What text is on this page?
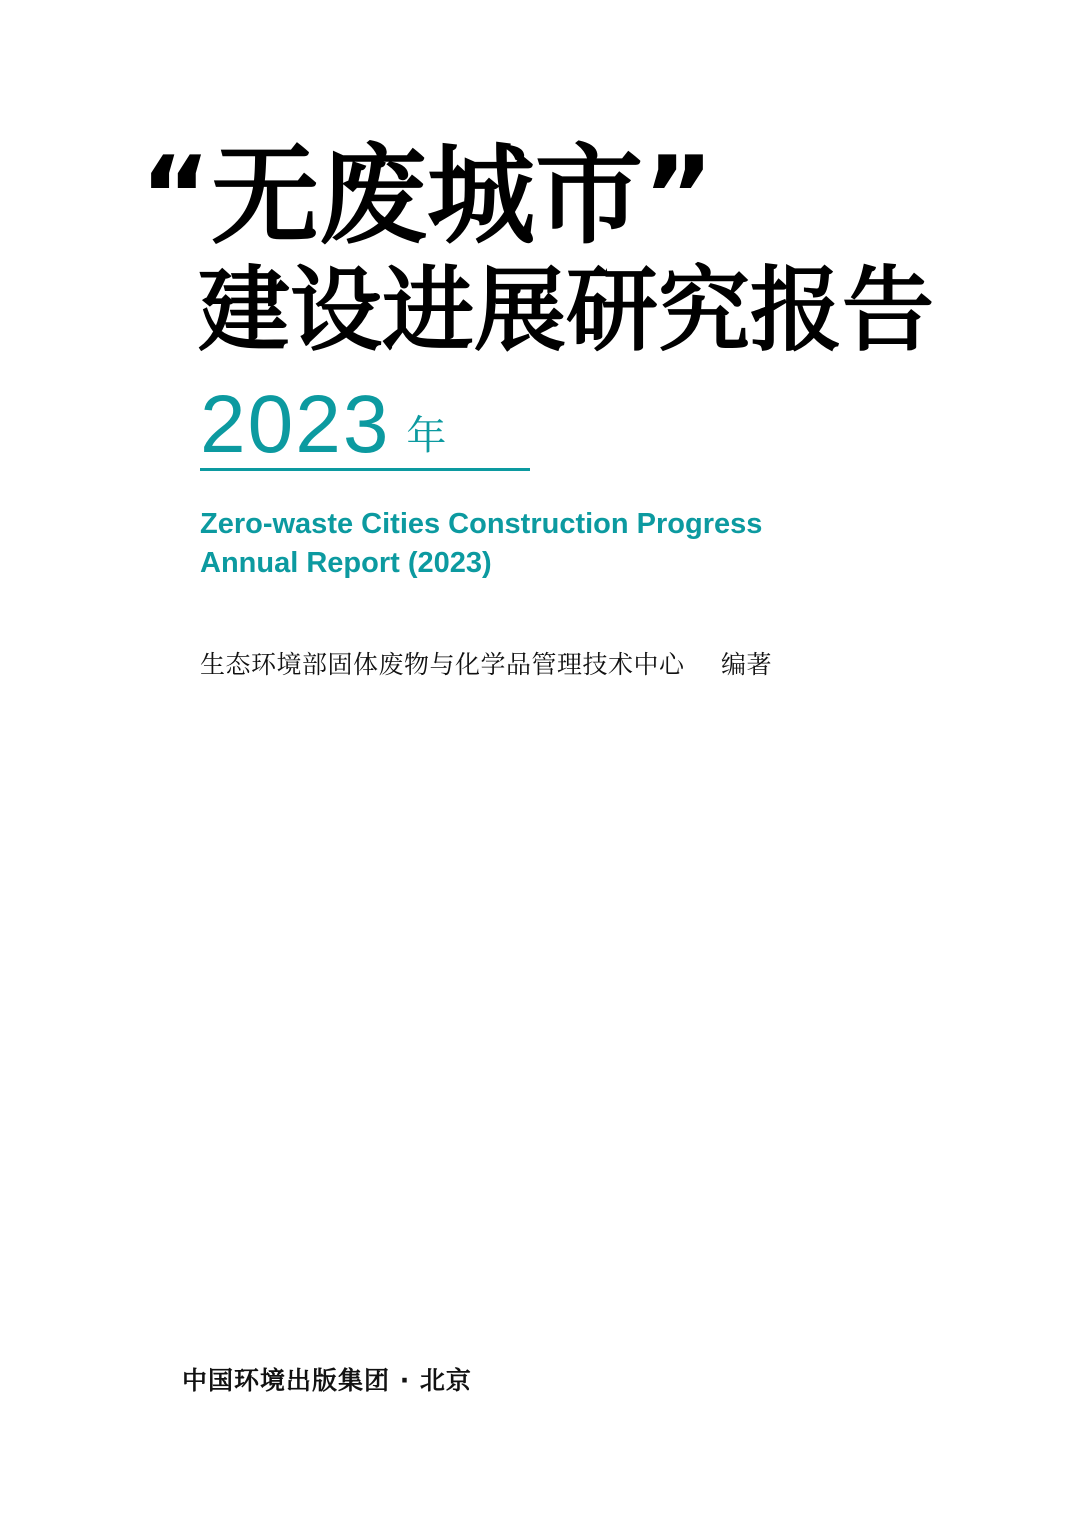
“无废城市”
建设进展研究报告
2023 年
Zero-waste Cities Construction Progress
Annual Report (2023)
生态环境部固体废物与化学品管理技术中心 编著
中国环境出版集团 · 北京
